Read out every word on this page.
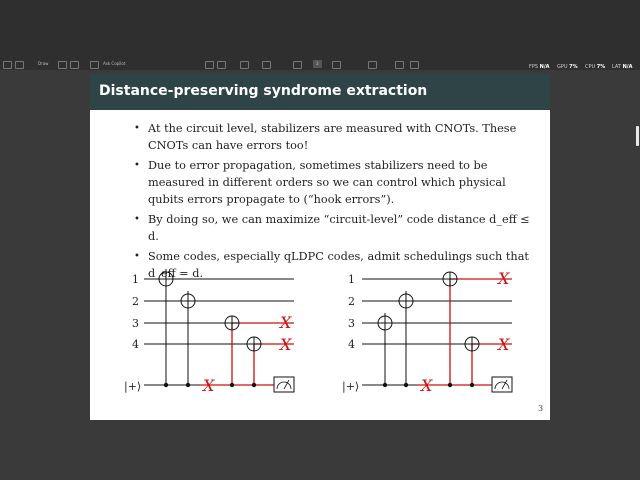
Draw	Ask Copilot	3
FPS N/A GPU 7% CPU 7% LAT N/A
Distance-preserving syndrome extraction
• At the circuit level, stabilizers are measured with CNOTs. These CNOTs can have errors too!
• Due to error propagation, sometimes stabilizers need to be measured in different orders so we can control which physical qubits errors propagate to (“hook errors”).
• By doing so, we can maximize “circuit-level” code distance d_eff ≤ d.
• Some codes, especially qLDPC codes, admit schedulings such that d_eff = d.
3
1
2
3
4
|+⟩	X
X
X
1
2
3
4
|+⟩	X
X
X
